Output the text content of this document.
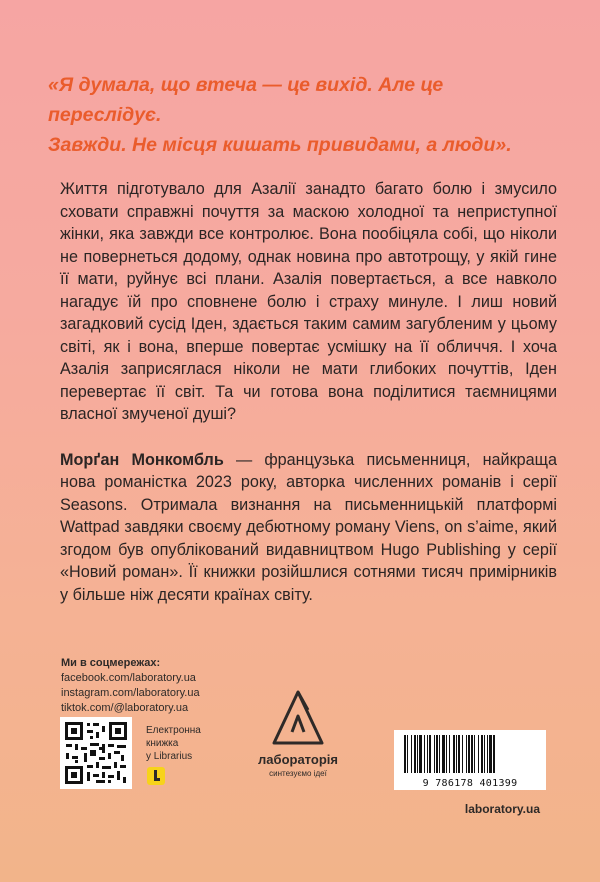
«Я думала, що втеча — це вихід. Але це переслідує.
Завжди. Не місця кишать привидами, а люди».

Життя підготувало для Азалії занадто багато болю і змусило сховати справжні почуття за маскою холодної та неприступної жінки, яка завжди все контролює. Вона пообіцяла собі, що ніколи не повернеться додому, однак новина про автотрощу, у якій гине її мати, руйнує всі плани. Азалія повертається, а все навколо нагадує їй про сповнене болю і страху минуле. І лиш новий загадковий сусід Іден, здається таким самим загубленим у цьому світі, як і вона, вперше повертає усмішку на її обличчя. І хоча Азалія заприсяглася ніколи не мати глибоких почуттів, Іден перевертає її світ. Та чи готова вона поділитися таємницями власної змученої душі?

Морґан Монкомбль — французька письменниця, найкраща нова романістка 2023 року, авторка численних романів і серії Seasons. Отримала визнання на письменницькій платформі Wattpad завдяки своєму дебютному роману Viens, on s’aime, який згодом був опублікований видавництвом Hugo Publishing у серії «Новий роман». Її книжки розійшлися сотнями тисяч примірників у більше ніж десяти країнах світу.

Ми в соцмережах:
facebook.com/laboratory.ua
instagram.com/laboratory.ua
tiktok.com/@laboratory.ua
Електронна
книжка
у Librarius	лабораторія
синтезуємо ідеї
9 786178 401399
laboratory.ua
